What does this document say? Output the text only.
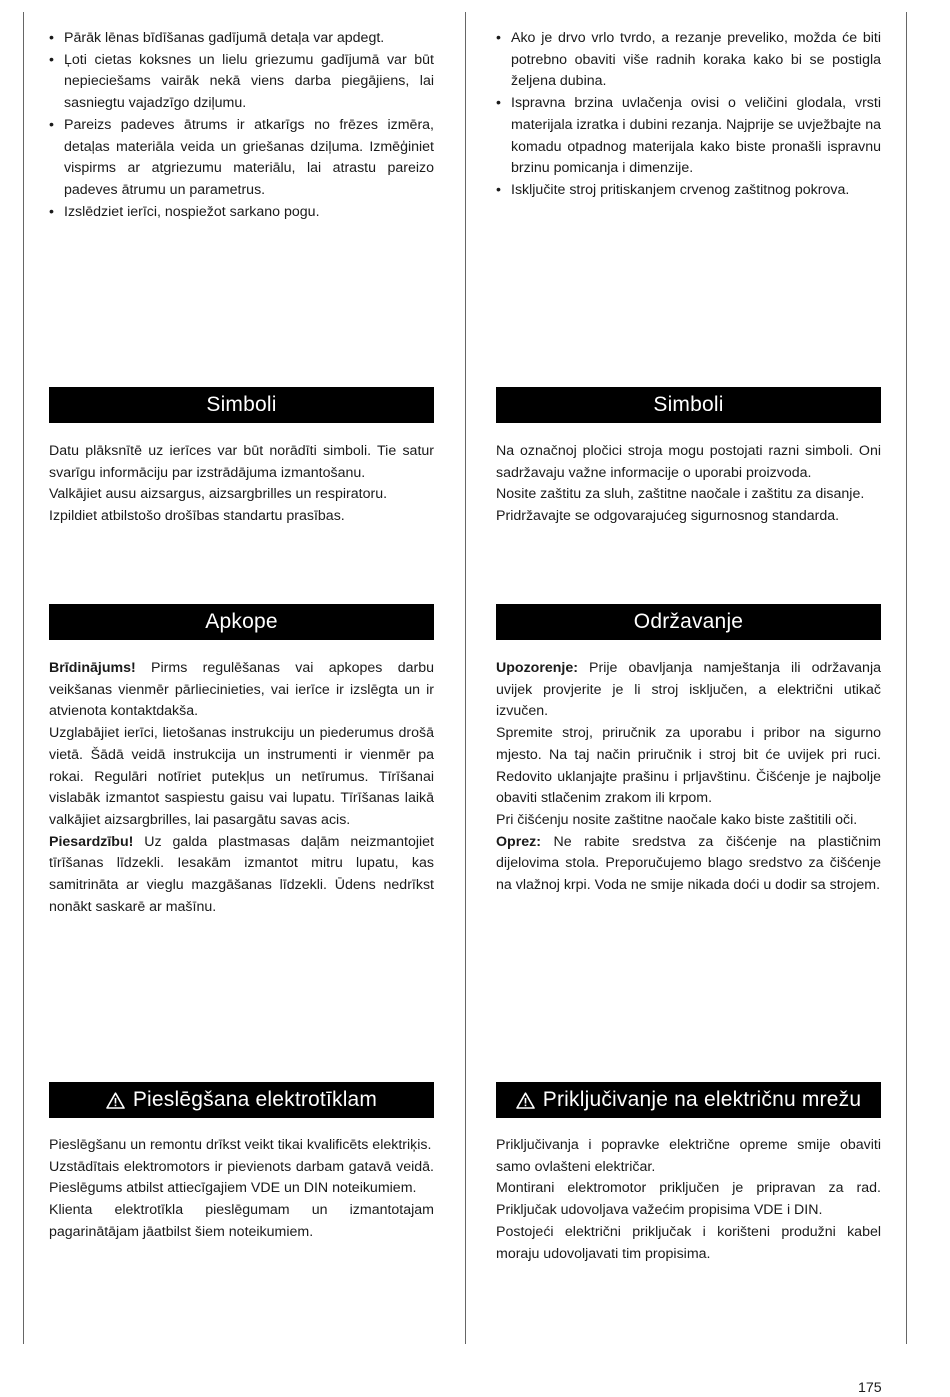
• Pārāk lēnas bīdīšanas gadījumā detaļa var apdegt.
• Ļoti cietas koksnes un lielu griezumu gadījumā var būt nepieciešams vairāk nekā viens darba piegājiens, lai sasniegtu vajadzīgo dziļumu.
• Pareizs padeves ātrums ir atkarīgs no frēzes izmēra, detaļas materiāla veida un griešanas dziļuma. Izmēģiniet vispirms ar atgriezumu materiālu, lai atrastu pareizo padeves ātrumu un parametrus.
• Izslēdziet ierīci, nospiežot sarkano pogu.
Simboli

Datu plāksnītē uz ierīces var būt norādīti simboli. Tie satur svarīgu informāciju par izstrādājuma izmantošanu.

Valkājiet ausu aizsargus, aizsargbrilles un respiratoru.

Izpildiet atbilstošo drošības standartu prasības.

Apkope

Brīdinājums! Pirms regulēšanas vai apkopes darbu veikšanas vienmēr pārliecinieties, vai ierīce ir izslēgta un ir atvienota kontaktdakša.

Uzglabājiet ierīci, lietošanas instrukciju un piederumus drošā vietā. Šādā veidā instrukcija un instrumenti ir vienmēr pa rokai. Regulāri notīriet putekļus un netīrumus. Tīrīšanai vislabāk izmantot saspiestu gaisu vai lupatu. Tīrīšanas laikā valkājiet aizsargbrilles, lai pasargātu savas acis.

Piesardzību! Uz galda plastmasas daļām neizmantojiet tīrīšanas līdzekli. Iesakām izmantot mitru lupatu, kas samitrināta ar vieglu mazgāšanas līdzekli. Ūdens nedrīkst nonākt saskarē ar mašīnu.

Pieslēgšana elektrotīklam

Pieslēgšanu un remontu drīkst veikt tikai kvalificēts elektriķis.

Uzstādītais elektromotors ir pievienots darbam gatavā veidā. Pieslēgums atbilst attiecīgajiem VDE un DIN noteikumiem.

Klienta elektrotīkla pieslēgumam un izmantotajam pagarinātājam jāatbilst šiem noteikumiem.

• Ako je drvo vrlo tvrdo, a rezanje preveliko, možda će biti potrebno obaviti više radnih koraka kako bi se postigla željena dubina.
• Ispravna brzina uvlačenja ovisi o veličini glodala, vrsti materijala izratka i dubini rezanja. Najprije se uvježbajte na komadu otpadnog materijala kako biste pronašli ispravnu brzinu pomicanja i dimenzije.
• Isključite stroj pritiskanjem crvenog zaštitnog pokrova.
Simboli

Na označnoj pločici stroja mogu postojati razni simboli. Oni sadržavaju važne informacije o uporabi proizvoda.

Nosite zaštitu za sluh, zaštitne naočale i zaštitu za disanje.

Pridržavajte se odgovarajućeg sigurnosnog standarda.

Održavanje

Upozorenje: Prije obavljanja namještanja ili održavanja uvijek provjerite je li stroj isključen, a električni utikač izvučen.

Spremite stroj, priručnik za uporabu i pribor na sigurno mjesto. Na taj način priručnik i stroj bit će uvijek pri ruci. Redovito uklanjajte prašinu i prljavštinu. Čišćenje je najbolje obaviti stlačenim zrakom ili krpom.

Pri čišćenju nosite zaštitne naočale kako biste zaštitili oči.

Oprez: Ne rabite sredstva za čišćenje na plastičnim dijelovima stola. Preporučujemo blago sredstvo za čišćenje na vlažnoj krpi. Voda ne smije nikada doći u dodir sa strojem.

Priključivanje na električnu mrežu

Priključivanja i popravke električne opreme smije obaviti samo ovlašteni električar.

Montirani elektromotor priključen je pripravan za rad. Priključak udovoljava važećim propisima VDE i DIN.

Postojeći električni priključak i korišteni produžni kabel moraju udovoljavati tim propisima.

175
